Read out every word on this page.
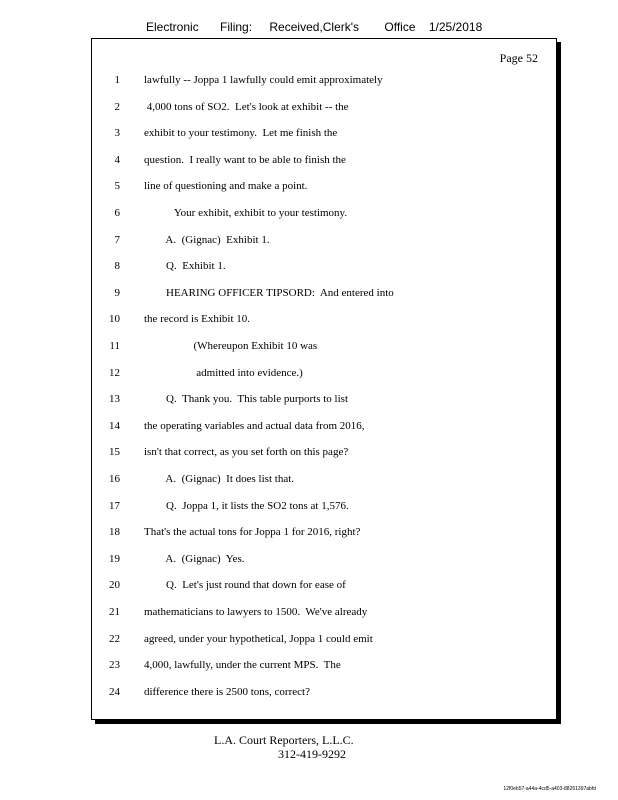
Electronic Filing: Received,Clerk's Office 1/25/2018
Page 52
1 lawfully -- Joppa 1 lawfully could emit approximately
2 4,000 tons of SO2.  Let's look at exhibit -- the
3 exhibit to your testimony.  Let me finish the
4 question.  I really want to be able to finish the
5 line of questioning and make a point.
6 Your exhibit, exhibit to your testimony.
7 A.  (Gignac)  Exhibit 1.
8 Q.  Exhibit 1.
9 HEARING OFFICER TIPSORD:  And entered into
10 the record is Exhibit 10.
11 (Whereupon Exhibit 10 was
12 admitted into evidence.)
13 Q.  Thank you.  This table purports to list
14 the operating variables and actual data from 2016,
15 isn't that correct, as you set forth on this page?
16 A.  (Gignac)  It does list that.
17 Q.  Joppa 1, it lists the SO2 tons at 1,576.
18 That's the actual tons for Joppa 1 for 2016, right?
19 A.  (Gignac)  Yes.
20 Q.  Let's just round that down for ease of
21 mathematicians to lawyers to 1500.  We've already
22 agreed, under your hypothetical, Joppa 1 could emit
23 4,000, lawfully, under the current MPS.  The
24 difference there is 2500 tons, correct?
L.A. Court Reporters, L.L.C.
312-419-9292
12f0eb57-a44a-4cd5-a403-88261397abfd
